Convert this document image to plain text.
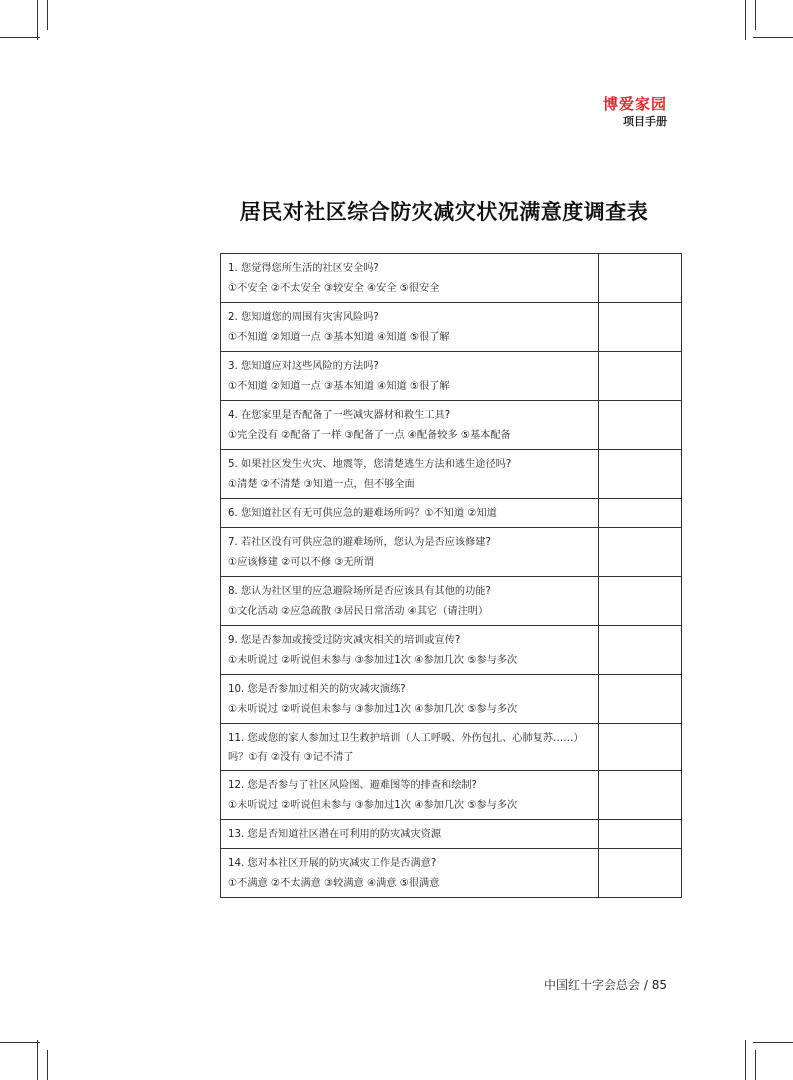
博爱家园
项目手册
居民对社区综合防灾减灾状况满意度调查表
1. 您觉得您所生活的社区安全吗?
①不安全 ②不太安全 ③较安全 ④安全 ⑤很安全	

2. 您知道您的周围有灾害风险吗?
①不知道 ②知道一点 ③基本知道 ④知道 ⑤很了解	

3. 您知道应对这些风险的方法吗?
①不知道 ②知道一点 ③基本知道 ④知道 ⑤很了解	

4. 在您家里是否配备了一些减灾器材和救生工具?
①完全没有 ②配备了一样 ③配备了一点 ④配备较多 ⑤基本配备	

5. 如果社区发生火灾、地震等，您清楚逃生方法和逃生途径吗?
①清楚 ②不清楚 ③知道一点，但不够全面	

6. 您知道社区有无可供应急的避难场所吗？①不知道 ②知道	

7. 若社区没有可供应急的避难场所，您认为是否应该修建?
①应该修建 ②可以不修 ③无所谓	

8. 您认为社区里的应急避险场所是否应该具有其他的功能?
①文化活动 ②应急疏散 ③居民日常活动 ④其它（请注明）	

9. 您是否参加或接受过防灾减灾相关的培训或宣传?
①未听说过 ②听说但未参与 ③参加过1次 ④参加几次 ⑤参与多次	

10. 您是否参加过相关的防灾减灾演练?
①未听说过 ②听说但未参与 ③参加过1次 ④参加几次 ⑤参与多次	

11. 您或您的家人参加过卫生救护培训（人工呼吸、外伤包扎、心肺复苏……）吗？①有 ②没有 ③记不清了	

12. 您是否参与了社区风险图、避难图等的排查和绘制?
①未听说过 ②听说但未参与 ③参加过1次 ④参加几次 ⑤参与多次	

13. 您是否知道社区潜在可利用的防灾减灾资源	

14. 您对本社区开展的防灾减灾工作是否满意?
①不满意 ②不太满意 ③较满意 ④满意 ⑤很满意	

中国红十字会总会 / 85
